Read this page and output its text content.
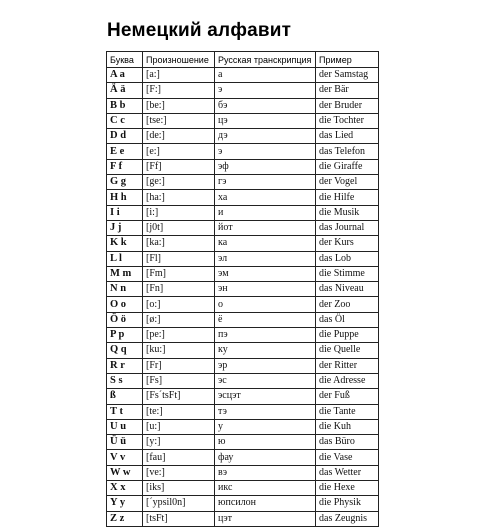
Немецкий алфавит
Буква	Произношение	Русская транскрипция	Пример
A a	[a:]	а	der Samstag
Ä ä	[F:]	э	der Bär
B b	[be:]	бэ	der Bruder
C c	[tse:]	цэ	die Tochter
D d	[de:]	дэ	das Lied
E e	[e:]	э	das Telefon
F f	[Ff]	эф	die Giraffe
G g	[ge:]	гэ	der Vogel
H h	[ha:]	ха	die Hilfe
I i	[i:]	и	die Musik
J j	[j0t]	йот	das Journal
K k	[ka:]	ка	der Kurs
L l	[Fl]	эл	das Lob
M m	[Fm]	эм	die Stimme
N n	[Fn]	эн	das Niveau
O o	[o:]	о	der Zoo
Ö ö	[ø:]	ё	das Öl
P p	[pe:]	пэ	die Puppe
Q q	[ku:]	ку	die Quelle
R r	[Fr]	эр	der Ritter
S s	[Fs]	эс	die Adresse
ß	[Fs´tsFt]	эсцэт	der Fuß
T t	[te:]	тэ	die Tante
U u	[u:]	у	die Kuh
Ü ü	[y:]	ю	das Büro
V v	[fau]	фау	die Vase
W w	[ve:]	вэ	das Wetter
X x	[iks]	икс	die Hexe
Y y	[´ypsil0n]	юпсилон	die Physik
Z z	[tsFt]	цэт	das Zeugnis
